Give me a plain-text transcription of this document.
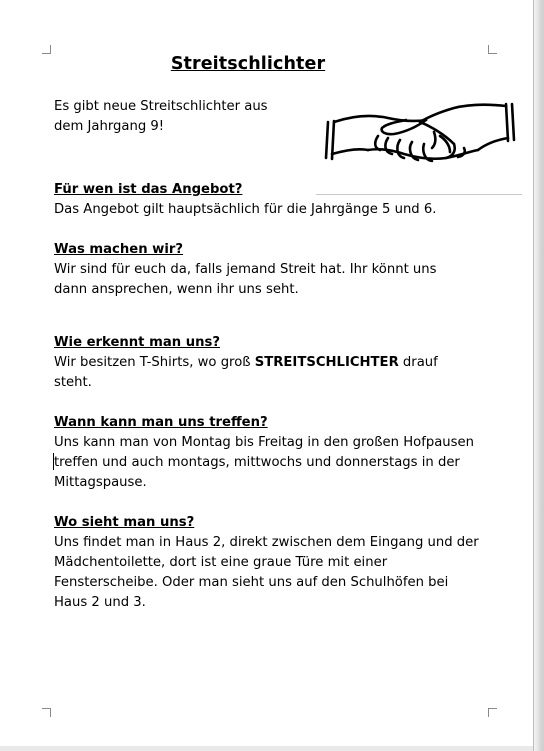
Streitschlichter
Es gibt neue Streitschlichter aus
dem Jahrgang 9!
Für wen ist das Angebot?
Das Angebot gilt hauptsächlich für die Jahrgänge 5 und 6.
Was machen wir?
Wir sind für euch da, falls jemand Streit hat. Ihr könnt uns
dann ansprechen, wenn ihr uns seht.
Wie erkennt man uns?
Wir besitzen T-Shirts, wo groß STREITSCHLICHTER drauf
steht.
Wann kann man uns treffen?
Uns kann man von Montag bis Freitag in den großen Hofpausen
treffen und auch montags, mittwochs und donnerstags in der
Mittagspause.
Wo sieht man uns?
Uns findet man in Haus 2, direkt zwischen dem Eingang und der
Mädchentoilette, dort ist eine graue Türe mit einer
Fensterscheibe. Oder man sieht uns auf den Schulhöfen bei
Haus 2 und 3.
